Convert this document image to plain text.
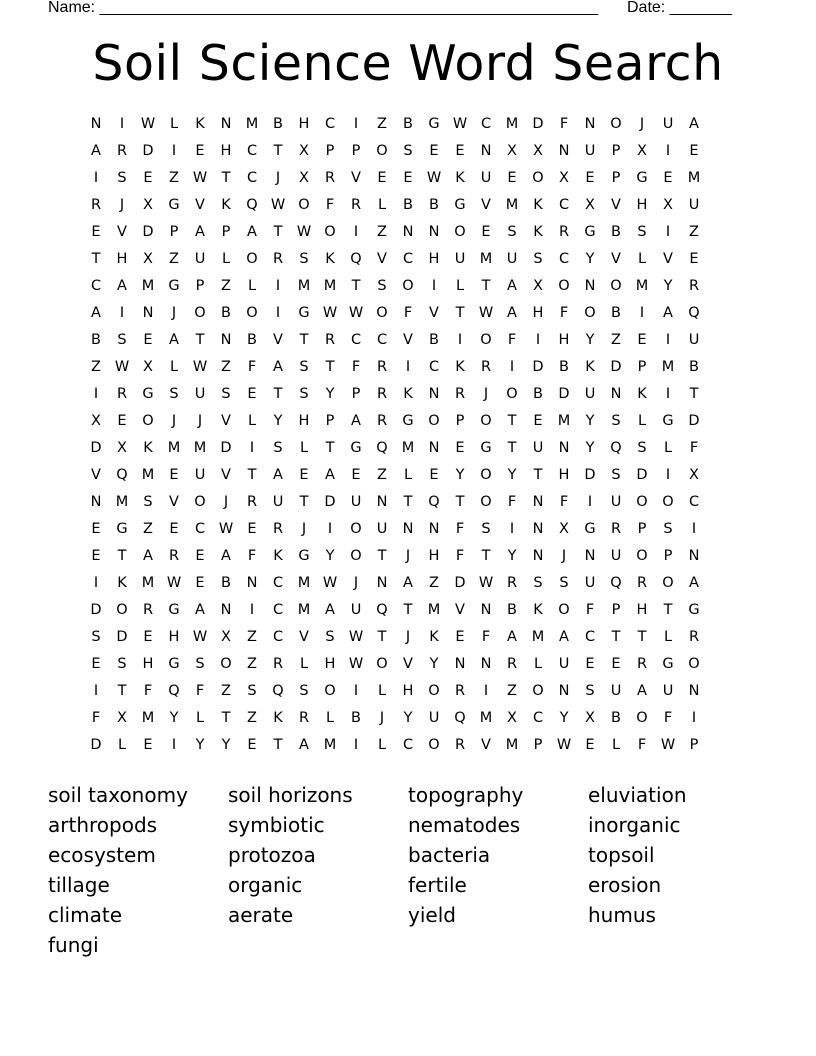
Name: ________________________________________________________ Date: _______
Soil Science Word Search
N	I	W	L	K	N M	B	H	C	I	Z	B	G W C	M D	F	N	O	J	U	A
A	R	D	I	E	H	C	T	X	P	P	O	S	E	E	N	X	X	N	U	P	X	I	E
I	S	E	Z W T	C	J	X	R	V	E	E W K	U	E	O	X	E	P	G	E	M
R	J	X	G	V	K	Q W O	F	R	L	B	B	G	V	M	K	C	X	V	H	X	U
E	V	D	P	A	P	A	T W O	I	Z	N	N	O	E	S	K	R	G	B	S	I	Z
T	H	X	Z	U	L	O	R	S	K	Q	V	C	H	U M U	S	C	Y	V	L	V	E
C	A	M G	P	Z	L	I	M M	T	S	O	I	L	T	A	X	O	N	O M	Y	R
A	I	N	J	O	B	O	I	G W W O	F	V	T W A	H	F	O	B	I	A	Q
B	S	E	A	T	N	B	V	T	R	C	C	V	B	I	O	F	I	H	Y	Z	E	I	U
Z W X	L	W Z	F	A	S	T	F	R	I	C	K	R	I	D	B	K	D	P	M	B
I	R	G	S	U	S	E	T	S	Y	P	R	K	N	R	J	O	B	D	U	N	K	I	T
X	E	O	J	J	V	L	Y	H	P	A	R	G	O	P	O	T	E	M	Y	S	L	G	D
D	X	K	M M D	I	S	L	T	G	Q M N	E	G	T	U	N	Y	Q	S	L	F
V	Q M	E	U	V	T	A	E	A	E	Z	L	E	Y	O	Y	T	H	D	S	D	I	X
N M	S	V	O	J	R	U	T	D	U	N	T	Q	T	O	F	N	F	I	U	O	O	C
E	G	Z	E	C W E	R	J	I	O	U	N	N	F	S	I	N	X	G	R	P	S	I
E	T	A	R	E	A	F	K	G	Y	O	T	J	H	F	T	Y	N	J	N	U	O	P	N
I	K	M W E	B	N	C	M W	J	N	A	Z	D W R	S	S	U	Q	R	O	A
D	O	R	G	A	N	I	C	M	A	U	Q	T	M	V	N	B	K	O	F	P	H	T	G
S	D	E	H W X	Z	C	V	S W T	J	K	E	F	A	M	A	C	T	T	L	R
E	S	H	G	S	O	Z	R	L	H W O	V	Y	N	N	R	L	U	E	E	R	G	O
I	T	F	Q	F	Z	S	Q	S	O	I	L	H	O	R	I	Z	O	N	S	U	A	U	N
F	X	M	Y	L	T	Z	K	R	L	B	J	Y	U	Q M	X	C	Y	X	B	O	F	I
D	L	E	I	Y	Y	E	T	A	M	I	L	C	O	R	V	M	P W E	L	F	W P
soil taxonomy	soil horizons	topography	eluviation
arthropods	symbiotic	nematodes	inorganic
ecosystem	protozoa	bacteria	topsoil
tillage	organic	fertile	erosion
climate	aerate	yield	humus
fungi
